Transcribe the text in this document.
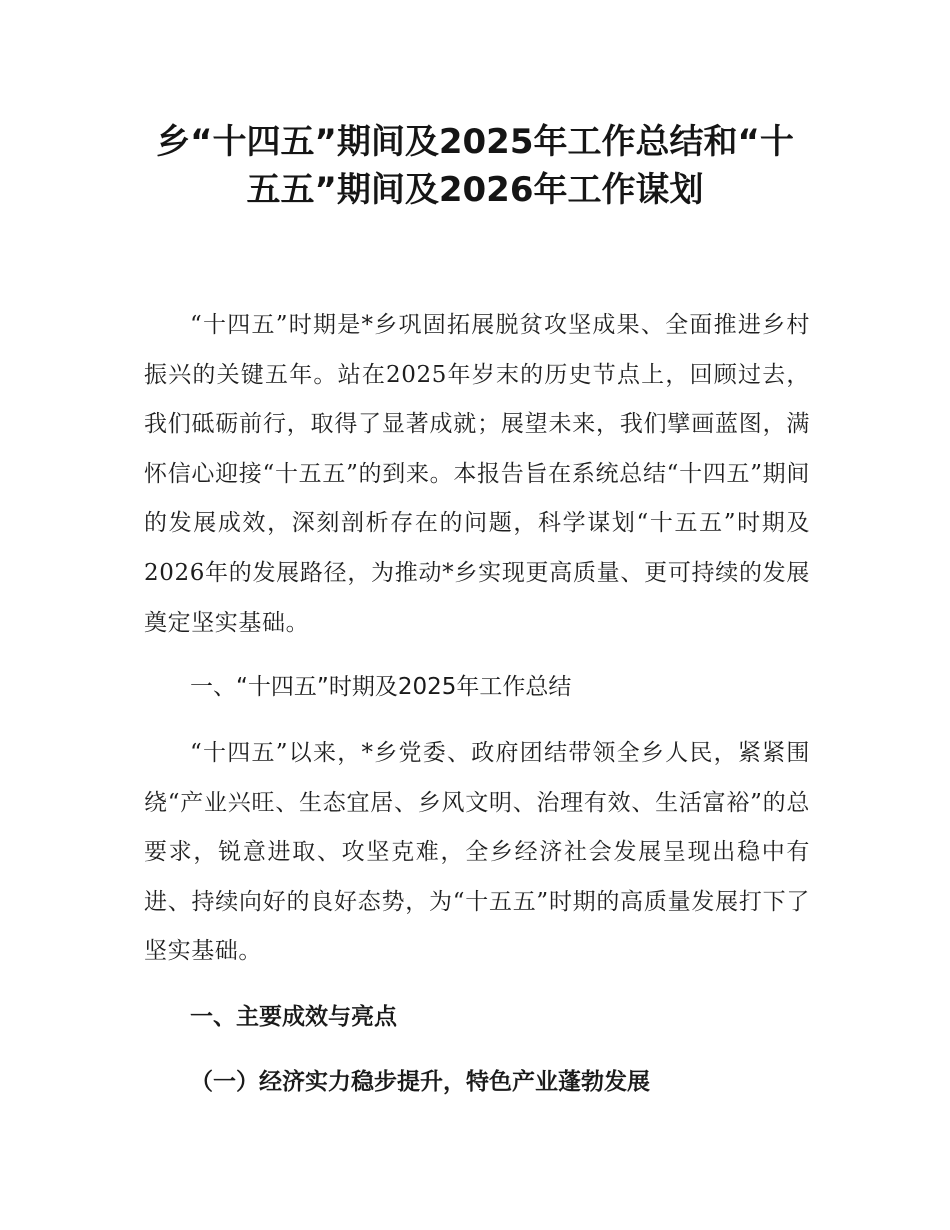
乡“十四五”期间及2025年工作总结和“十
五五”期间及2026年工作谋划

“十四五”时期是*乡巩固拓展脱贫攻坚成果、全面推进乡村振兴的关键五年。站在2025年岁末的历史节点上，回顾过去，我们砥砺前行，取得了显著成就；展望未来，我们擘画蓝图，满怀信心迎接“十五五”的到来。本报告旨在系统总结“十四五”期间的发展成效，深刻剖析存在的问题，科学谋划“十五五”时期及2026年的发展路径，为推动*乡实现更高质量、更可持续的发展奠定坚实基础。

一、“十四五”时期及2025年工作总结

“十四五”以来，*乡党委、政府团结带领全乡人民，紧紧围绕“产业兴旺、生态宜居、乡风文明、治理有效、生活富裕”的总要求，锐意进取、攻坚克难，全乡经济社会发展呈现出稳中有进、持续向好的良好态势，为“十五五”时期的高质量发展打下了坚实基础。

一、主要成效与亮点

（一）经济实力稳步提升，特色产业蓬勃发展
